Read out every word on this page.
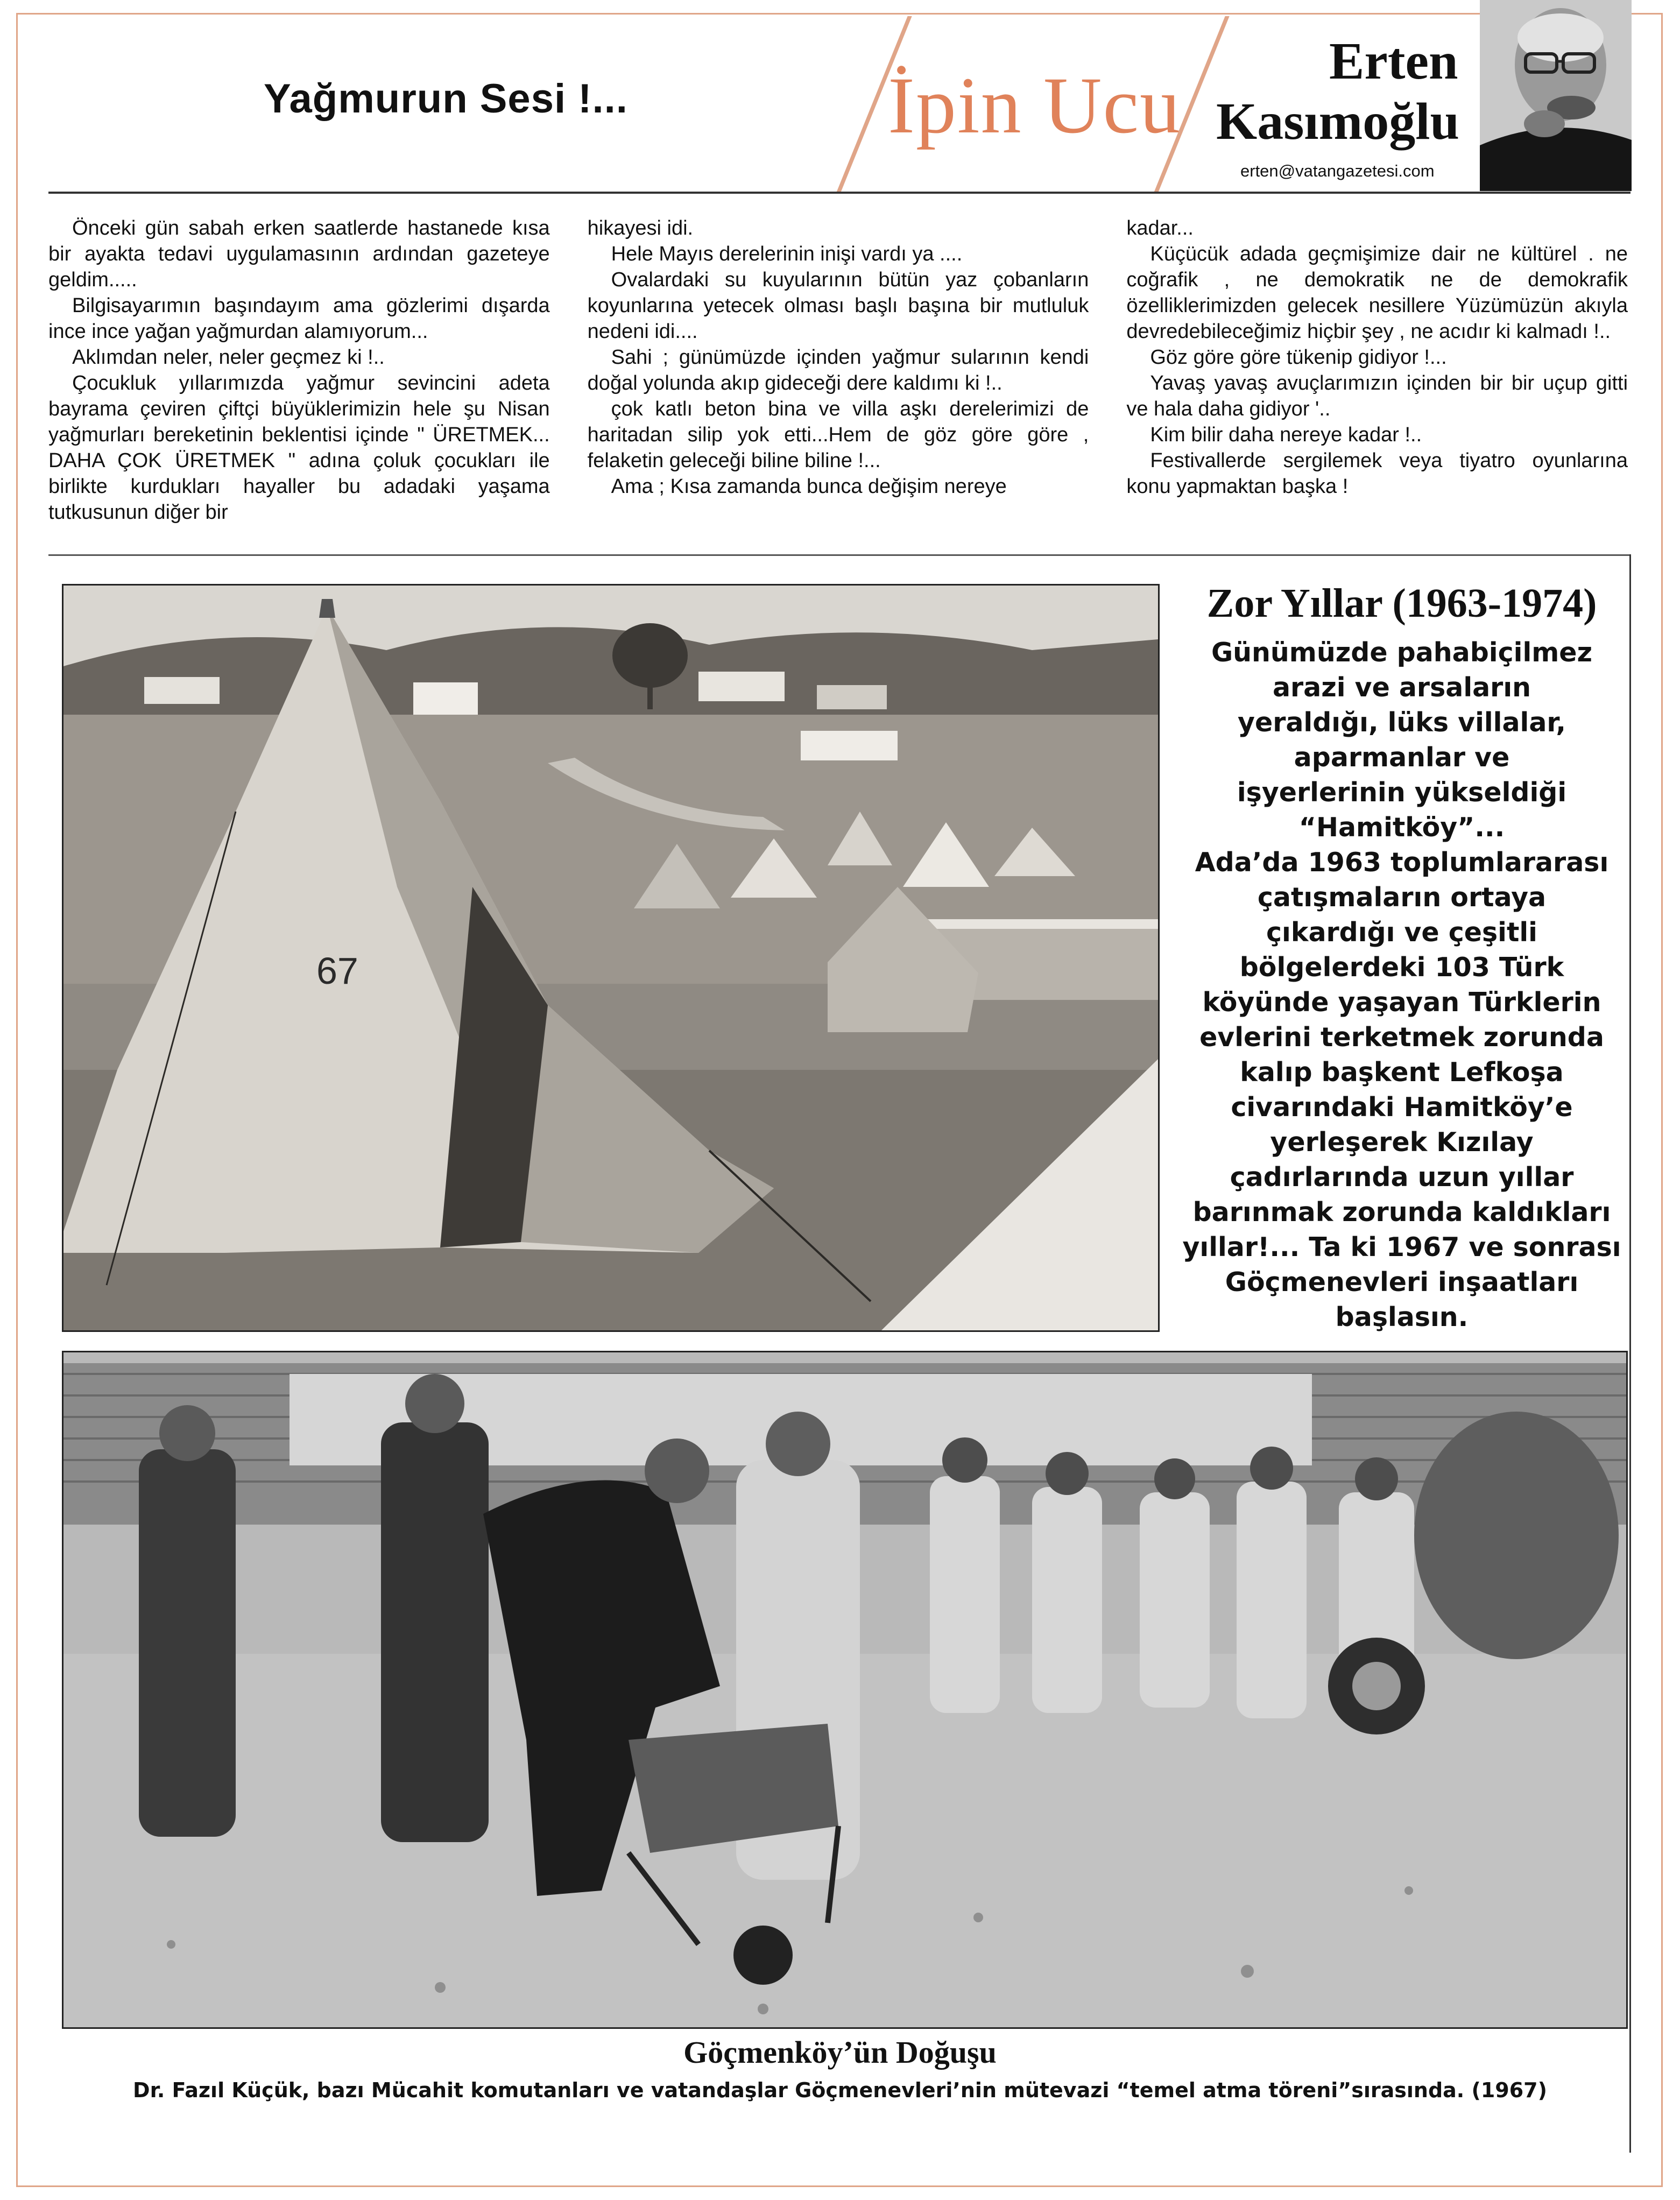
Yağmurun Sesi !...	İpin Ucu	Erten
Kasımoğlu
erten@vatangazetesi.com

Önceki gün sabah erken saatlerde hastanede kısa bir ayakta tedavi uygulamasının ardından gazeteye geldim.....

Bilgisayarımın başındayım ama gözlerimi dışarda ince ince yağan yağmurdan alamıyorum...

Aklımdan neler, neler geçmez ki !..

Çocukluk yıllarımızda yağmur sevincini adeta bayrama çeviren çiftçi büyüklerimizin hele şu Nisan yağmurları bereketinin beklentisi içinde " ÜRETMEK... DAHA ÇOK ÜRETMEK " adına çoluk çocukları ile birlikte kurdukları hayaller bu adadaki yaşama tutkusunun diğer bir

hikayesi idi.

Hele Mayıs derelerinin inişi vardı ya ....

Ovalardaki su kuyularının bütün yaz çobanların koyunlarına yetecek olması başlı başına bir mutluluk nedeni idi....

Sahi ; günümüzde içinden yağmur sularının kendi doğal yolunda akıp gideceği dere kaldımı ki !..

çok katlı beton bina ve villa aşkı derelerimizi de haritadan silip yok etti...Hem de göz göre göre , felaketin geleceği biline biline !...

Ama ; Kısa zamanda bunca değişim nereye

kadar...

Küçücük adada geçmişimize dair ne kültürel . ne coğrafik , ne demokratik ne de demokrafik özelliklerimizden gelecek nesillere Yüzümüzün akıyla devredebileceğimiz hiçbir şey , ne acıdır ki kalmadı !..

Göz göre göre tükenip gidiyor !...

Yavaş yavaş avuçlarımızın içinden bir bir uçup gitti ve hala daha gidiyor '..

Kim bilir daha nereye kadar !..

Festivallerde sergilemek veya tiyatro oyunlarına konu yapmaktan başka !

67
Zor Yıllar (1963-1974)
Günümüzde pahabiçilmez
arazi ve arsaların
yeraldığı, lüks villalar,
aparmanlar ve
işyerlerinin yükseldiği
“Hamitköy”...
Ada’da 1963 toplumlararası
çatışmaların ortaya
çıkardığı ve çeşitli
bölgelerdeki 103 Türk
köyünde yaşayan Türklerin
evlerini terketmek zorunda
kalıp başkent Lefkoşa
civarındaki Hamitköy’e
yerleşerek Kızılay
çadırlarında uzun yıllar
barınmak zorunda kaldıkları
yıllar!... Ta ki 1967 ve sonrası
Göçmenevleri inşaatları
başlasın.
Göçmenköy’ün Doğuşu
Dr. Fazıl Küçük, bazı Mücahit komutanları ve vatandaşlar Göçmenevleri’nin mütevazi “temel atma töreni”sırasında. (1967)
